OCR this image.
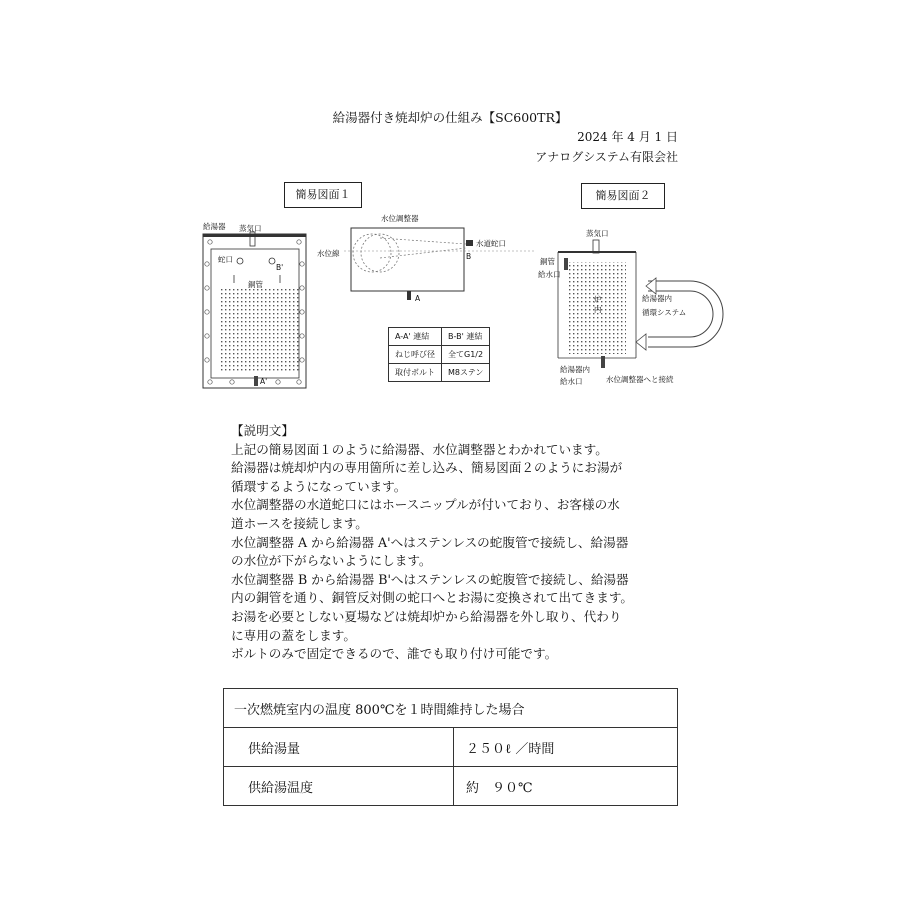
給湯器付き焼却炉の仕組み【SC600TR】
2024 年 4 月 1 日
アナログシステム有限会社
簡易図面１	簡易図面２
給湯器 蒸気口
蛇口
B'
銅管
A'
水位調整器
水位線
水道蛇口
B
A
蒸気口
銅管
給水口
炉
内
給湯器内
循環システム
給湯器内
給水口	水位調整器へと接続
A-A' 連結	B-B' 連結
ねじ呼び径	全てG1/2
取付ボルト	M8ステン

【説明文】

上記の簡易図面１のように給湯器、水位調整器とわかれています。

給湯器は焼却炉内の専用箇所に差し込み、簡易図面２のようにお湯が

循環するようになっています。

水位調整器の水道蛇口にはホースニップルが付いており、お客様の水

道ホースを接続します。

水位調整器 A から給湯器 A'へはステンレスの蛇腹管で接続し、給湯器

の水位が下がらないようにします。

水位調整器 B から給湯器 B'へはステンレスの蛇腹管で接続し、給湯器

内の銅管を通り、銅管反対側の蛇口へとお湯に変換されて出てきます。

お湯を必要としない夏場などは焼却炉から給湯器を外し取り、代わり

に専用の蓋をします。

ボルトのみで固定できるので、誰でも取り付け可能です。

一次燃焼室内の温度 800℃を１時間維持した場合	
供給湯量	２５０ℓ ／時間
供給湯温度	約　９０℃
